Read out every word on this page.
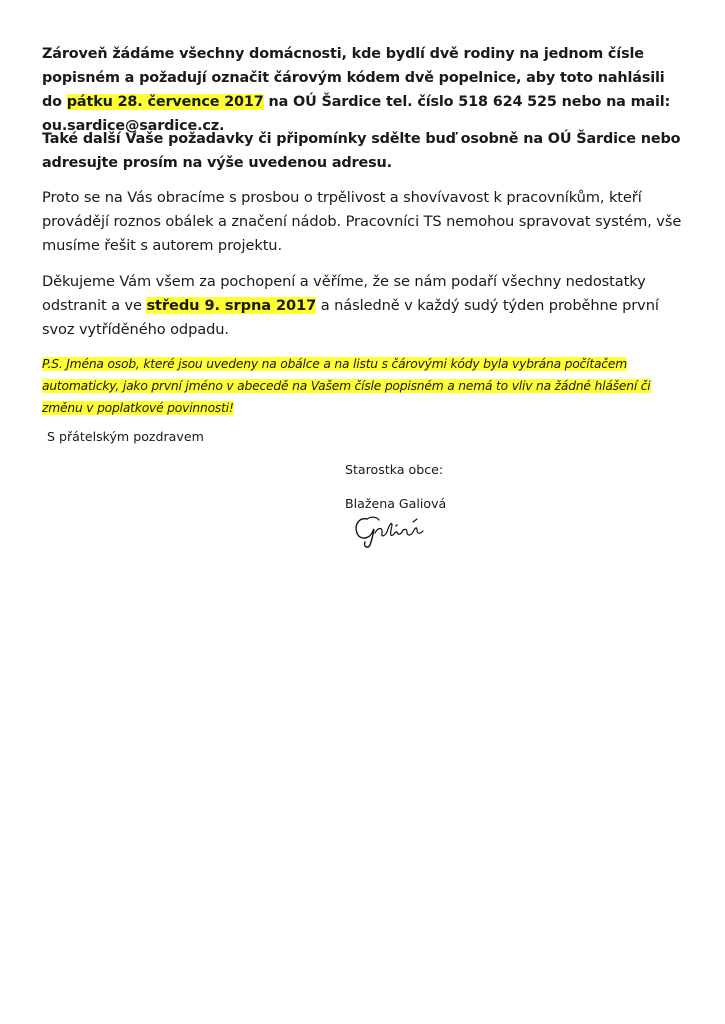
Zároveň žádáme všechny domácnosti, kde bydlí dvě rodiny na jednom čísle popisném a požadují označit čárovým kódem dvě popelnice, aby toto nahlásili do pátku 28. července 2017 na OÚ Šardice tel. číslo 518 624 525 nebo na mail: ou.sardice@sardice.cz.

Také další Vaše požadavky či připomínky sdělte buď osobně na OÚ Šardice nebo adresujte prosím na výše uvedenou adresu.

Proto se na Vás obracíme s prosbou o trpělivost a shovívavost k pracovníkům, kteří provádějí roznos obálek a značení nádob. Pracovníci TS nemohou spravovat systém, vše musíme řešit s autorem projektu.

Děkujeme Vám všem za pochopení a věříme, že se nám podaří všechny nedostatky odstranit a ve středu 9. srpna 2017 a následně v každý sudý týden proběhne první svoz vytříděného odpadu.

P.S. Jména osob, které jsou uvedeny na obálce a na listu s čárovými kódy byla vybrána počítačem automaticky, jako první jméno v abecedě na Vašem čísle popisném a nemá to vliv na žádné hlášení či změnu v poplatkové povinnosti!

S přátelským pozdravem

Starostka obce:

Blažena Galiová
